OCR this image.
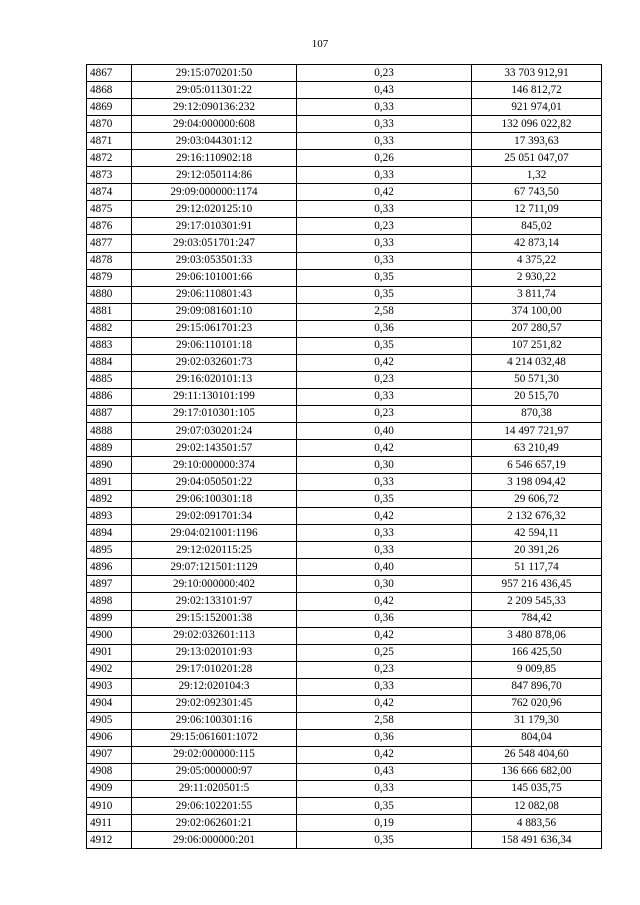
107
4867	29:15:070201:50	0,23	33 703 912,91
4868	29:05:011301:22	0,43	146 812,72
4869	29:12:090136:232	0,33	921 974,01
4870	29:04:000000:608	0,33	132 096 022,82
4871	29:03:044301:12	0,33	17 393,63
4872	29:16:110902:18	0,26	25 051 047,07
4873	29:12:050114:86	0,33	1,32
4874	29:09:000000:1174	0,42	67 743,50
4875	29:12:020125:10	0,33	12 711,09
4876	29:17:010301:91	0,23	845,02
4877	29:03:051701:247	0,33	42 873,14
4878	29:03:053501:33	0,33	4 375,22
4879	29:06:101001:66	0,35	2 930,22
4880	29:06:110801:43	0,35	3 811,74
4881	29:09:081601:10	2,58	374 100,00
4882	29:15:061701:23	0,36	207 280,57
4883	29:06:110101:18	0,35	107 251,82
4884	29:02:032601:73	0,42	4 214 032,48
4885	29:16:020101:13	0,23	50 571,30
4886	29:11:130101:199	0,33	20 515,70
4887	29:17:010301:105	0,23	870,38
4888	29:07:030201:24	0,40	14 497 721,97
4889	29:02:143501:57	0,42	63 210,49
4890	29:10:000000:374	0,30	6 546 657,19
4891	29:04:050501:22	0,33	3 198 094,42
4892	29:06:100301:18	0,35	29 606,72
4893	29:02:091701:34	0,42	2 132 676,32
4894	29:04:021001:1196	0,33	42 594,11
4895	29:12:020115:25	0,33	20 391,26
4896	29:07:121501:1129	0,40	51 117,74
4897	29:10:000000:402	0,30	957 216 436,45
4898	29:02:133101:97	0,42	2 209 545,33
4899	29:15:152001:38	0,36	784,42
4900	29:02:032601:113	0,42	3 480 878,06
4901	29:13:020101:93	0,25	166 425,50
4902	29:17:010201:28	0,23	9 009,85
4903	29:12:020104:3	0,33	847 896,70
4904	29:02:092301:45	0,42	762 020,96
4905	29:06:100301:16	2,58	31 179,30
4906	29:15:061601:1072	0,36	804,04
4907	29:02:000000:115	0,42	26 548 404,60
4908	29:05:000000:97	0,43	136 666 682,00
4909	29:11:020501:5	0,33	145 035,75
4910	29:06:102201:55	0,35	12 082,08
4911	29:02:062601:21	0,19	4 883,56
4912	29:06:000000:201	0,35	158 491 636,34
